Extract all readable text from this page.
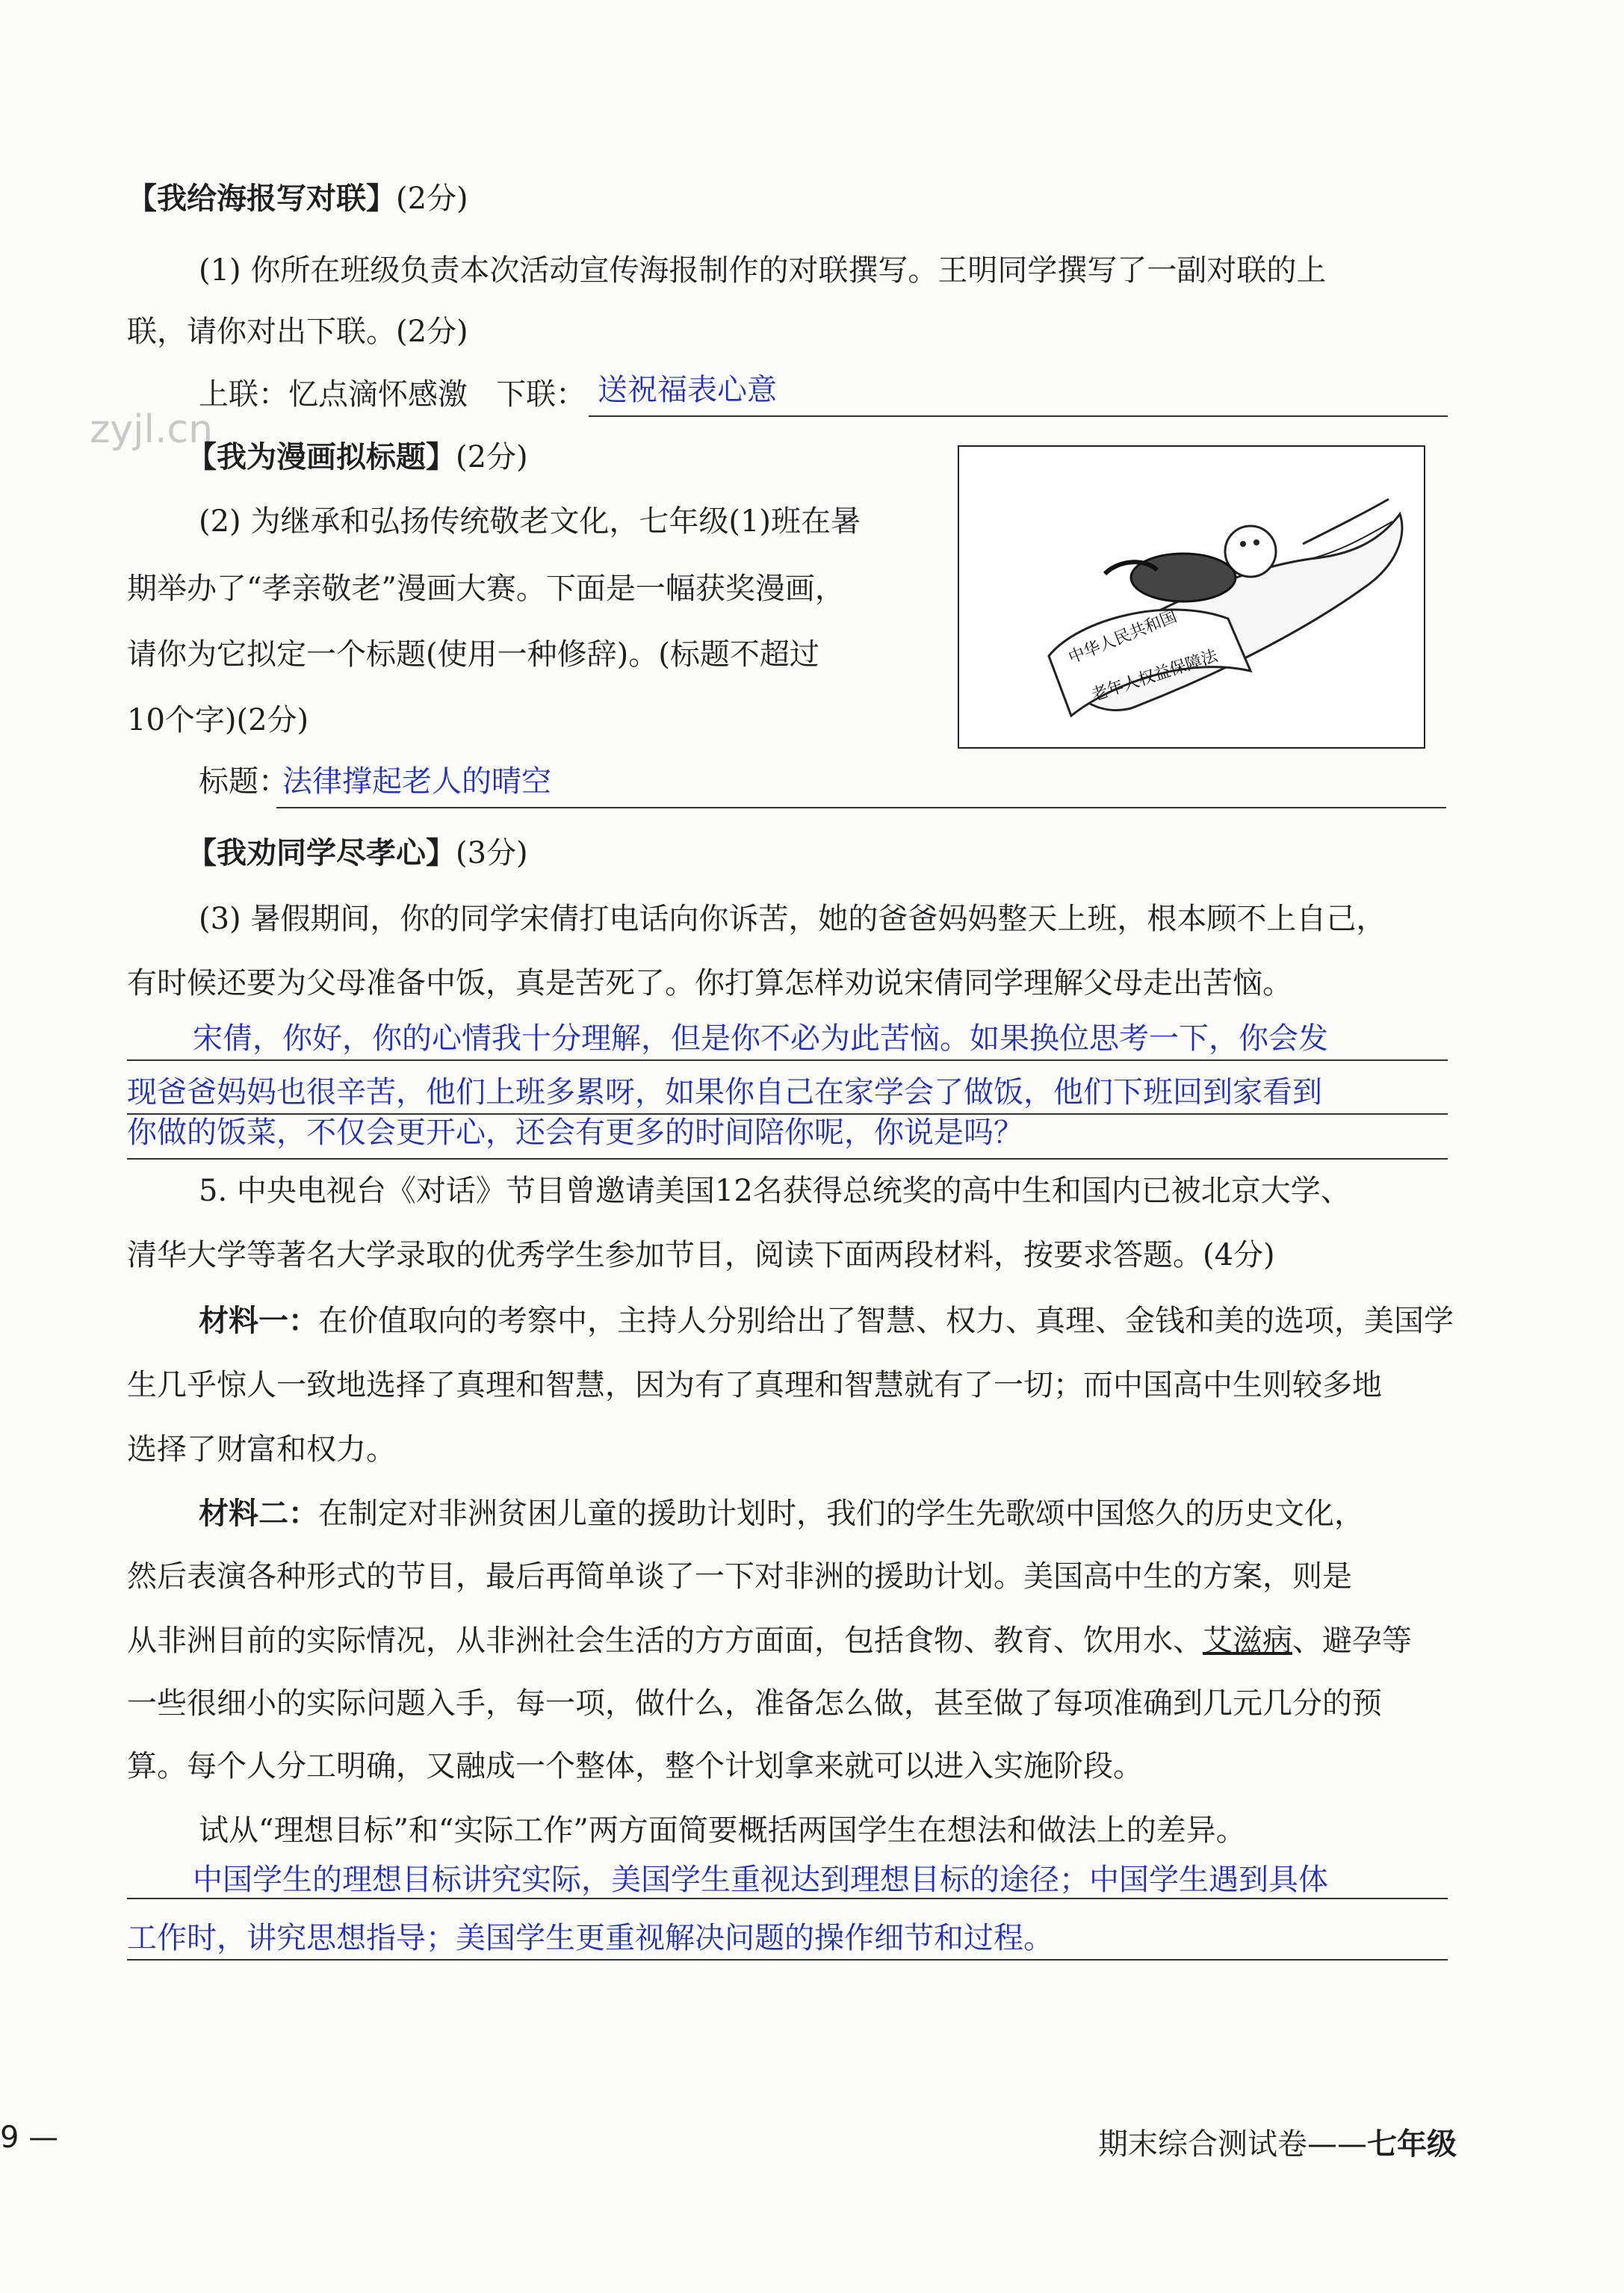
zyjl.cn
【我给海报写对联】(2分)
(1) 你所在班级负责本次活动宣传海报制作的对联撰写。王明同学撰写了一副对联的上
联，请你对出下联。(2分)
上联：忆点滴怀感激 下联： 送祝福表心意
【我为漫画拟标题】(2分)
(2) 为继承和弘扬传统敬老文化，七年级(1)班在暑
期举办了“孝亲敬老”漫画大赛。下面是一幅获奖漫画，
请你为它拟定一个标题(使用一种修辞)。(标题不超过
10个字)(2分)
中华人民共和国
老年人权益保障法
标题：
法律撑起老人的晴空
【我劝同学尽孝心】(3分)
(3) 暑假期间，你的同学宋倩打电话向你诉苦，她的爸爸妈妈整天上班，根本顾不上自己，
有时候还要为父母准备中饭，真是苦死了。你打算怎样劝说宋倩同学理解父母走出苦恼。
宋倩，你好，你的心情我十分理解，但是你不必为此苦恼。如果换位思考一下，你会发
现爸爸妈妈也很辛苦，他们上班多累呀，如果你自己在家学会了做饭，他们下班回到家看到
你做的饭菜，不仅会更开心，还会有更多的时间陪你呢，你说是吗？
5. 中央电视台《对话》节目曾邀请美国12名获得总统奖的高中生和国内已被北京大学、
清华大学等著名大学录取的优秀学生参加节目，阅读下面两段材料，按要求答题。(4分)
材料一：在价值取向的考察中，主持人分别给出了智慧、权力、真理、金钱和美的选项，美国学
生几乎惊人一致地选择了真理和智慧，因为有了真理和智慧就有了一切；而中国高中生则较多地
选择了财富和权力。
材料二：在制定对非洲贫困儿童的援助计划时，我们的学生先歌颂中国悠久的历史文化，
然后表演各种形式的节目，最后再简单谈了一下对非洲的援助计划。美国高中生的方案，则是
从非洲目前的实际情况，从非洲社会生活的方方面面，包括食物、教育、饮用水、艾滋病、避孕等
一些很细小的实际问题入手，每一项，做什么，准备怎么做，甚至做了每项准确到几元几分的预
算。每个人分工明确，又融成一个整体，整个计划拿来就可以进入实施阶段。
试从“理想目标”和“实际工作”两方面简要概括两国学生在想法和做法上的差异。
中国学生的理想目标讲究实际，美国学生重视达到理想目标的途径；中国学生遇到具体
工作时，讲究思想指导；美国学生更重视解决问题的操作细节和过程。
9 —	期末综合测试卷——七年级
